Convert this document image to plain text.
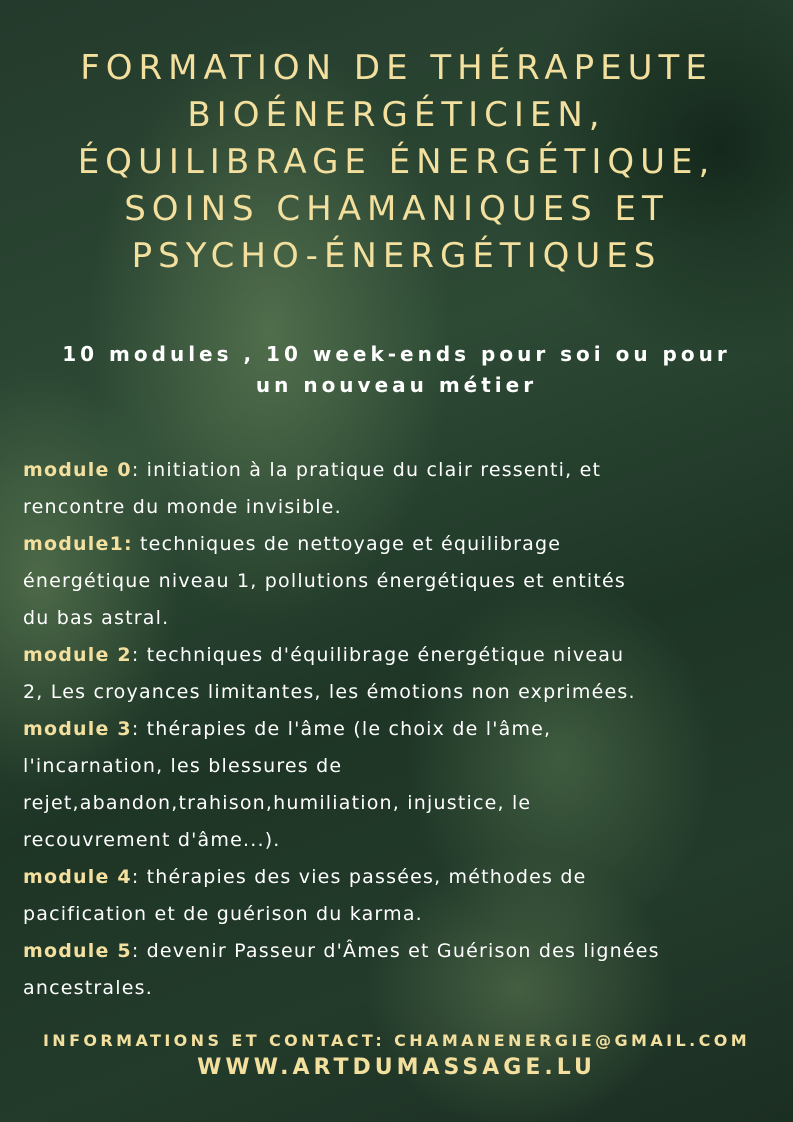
FORMATION DE THÉRAPEUTE
BIOÉNERGÉTICIEN,
ÉQUILIBRAGE ÉNERGÉTIQUE,
SOINS CHAMANIQUES ET
PSYCHO-ÉNERGÉTIQUES
10 modules , 10 week-ends pour soi ou pour
un nouveau métier
module 0: initiation à la pratique du clair ressenti, et
rencontre du monde invisible.
module1: techniques de nettoyage et équilibrage
énergétique niveau 1, pollutions énergétiques et entités
du bas astral.
module 2: techniques d'équilibrage énergétique niveau
2, Les croyances limitantes, les émotions non exprimées.
module 3: thérapies de l'âme (le choix de l'âme,
l'incarnation, les blessures de
rejet,abandon,trahison,humiliation, injustice, le
recouvrement d'âme...).
module 4: thérapies des vies passées, méthodes de
pacification et de guérison du karma.
module 5: devenir Passeur d'Âmes et Guérison des lignées
ancestrales.
INFORMATIONS ET CONTACT: CHAMANENERGIE@GMAIL.COM
WWW.ARTDUMASSAGE.LU
